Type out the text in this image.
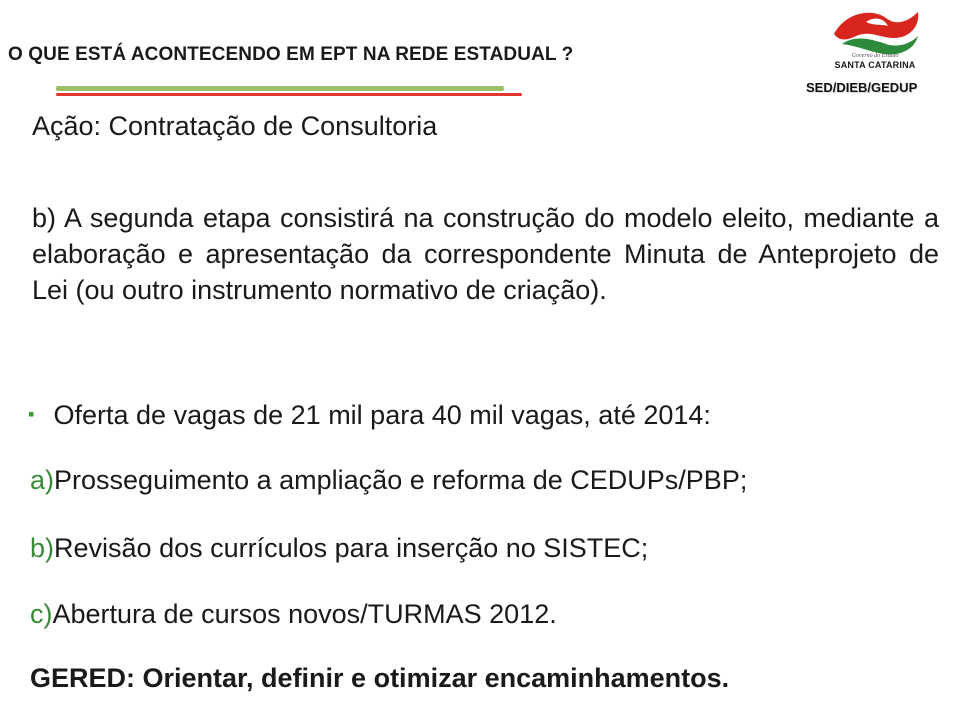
O QUE ESTÁ ACONTECENDO EM EPT NA REDE ESTADUAL ?	Governo do Estado
SANTA CATARINA
SED/DIEB/GEDUP
Ação: Contratação de Consultoria
b) A segunda etapa consistirá na construção do modelo eleito, mediante a elaboração e apresentação da correspondente Minuta de Anteprojeto de Lei (ou outro instrumento normativo de criação).
▪ Oferta de vagas de 21 mil para 40 mil vagas, até 2014:
a)Prosseguimento a ampliação e reforma de CEDUPs/PBP;
b)Revisão dos currículos para inserção no SISTEC;
c)Abertura de cursos novos/TURMAS 2012.
GERED: Orientar, definir e otimizar encaminhamentos.
